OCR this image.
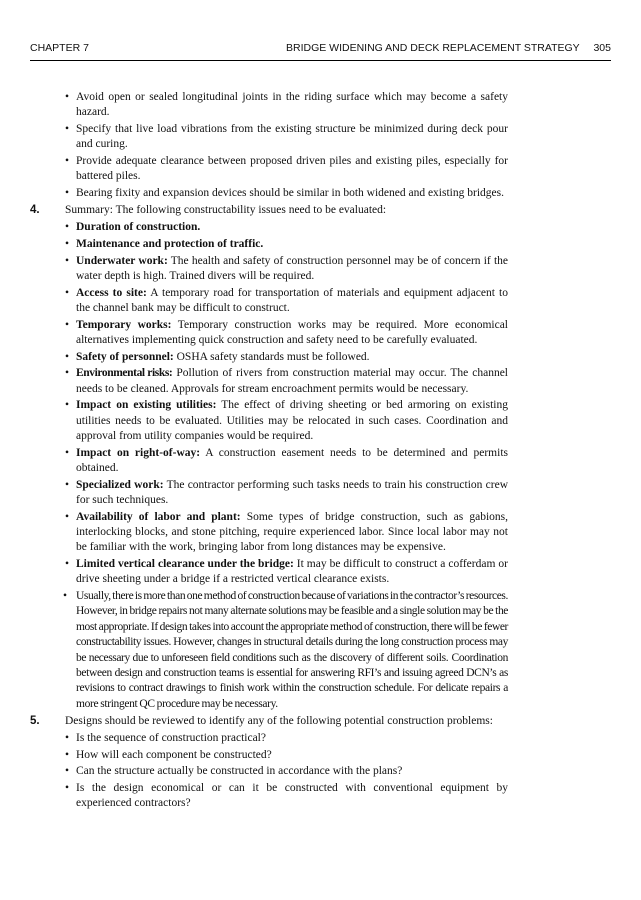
CHAPTER 7	BRIDGE WIDENING AND DECK REPLACEMENT STRATEGY 305

• Avoid open or sealed longitudinal joints in the riding surface which may become a safety hazard.

• Specify that live load vibrations from the existing structure be minimized during deck pour and curing.

• Provide adequate clearance between proposed driven piles and existing piles, especially for battered piles.

• Bearing fixity and expansion devices should be similar in both widened and existing bridges.

4. Summary: The following constructability issues need to be evaluated:

• Duration of construction.

• Maintenance and protection of traffic.

• Underwater work: The health and safety of construction personnel may be of concern if the water depth is high. Trained divers will be required.

• Access to site: A temporary road for transportation of materials and equipment adjacent to the channel bank may be difficult to construct.

• Temporary works: Temporary construction works may be required. More economical alternatives implementing quick construction and safety need to be carefully evaluated.

• Safety of personnel: OSHA safety standards must be followed.

• Environmental risks: Pollution of rivers from construction material may occur. The channel needs to be cleaned. Approvals for stream encroachment permits would be necessary.

• Impact on existing utilities: The effect of driving sheeting or bed armoring on existing utilities needs to be evaluated. Utilities may be relocated in such cases. Coordination and approval from utility companies would be required.

• Impact on right-of-way: A construction easement needs to be determined and permits obtained.

• Specialized work: The contractor performing such tasks needs to train his construction crew for such techniques.

• Availability of labor and plant: Some types of bridge construction, such as gabions, interlocking blocks, and stone pitching, require experienced labor. Since local labor may not be familiar with the work, bringing labor from long distances may be expensive.

• Limited vertical clearance under the bridge: It may be difficult to construct a cofferdam or drive sheeting under a bridge if a restricted vertical clearance exists.

• Usually, there is more than one method of construction because of variations in the contractor’s resources. However, in bridge repairs not many alternate solutions may be feasible and a single solution may be the most appropriate. If design takes into account the appropriate method of construction, there will be fewer constructability issues. However, changes in structural details during the long construction process may be necessary due to unforeseen field conditions such as the discovery of different soils. Coordination between design and construction teams is essential for answering RFI’s and issuing agreed DCN’s as revisions to contract drawings to finish work within the construction schedule. For delicate repairs a more stringent QC procedure may be necessary.

5. Designs should be reviewed to identify any of the following potential construction problems:

• Is the sequence of construction practical?

• How will each component be constructed?

• Can the structure actually be constructed in accordance with the plans?

• Is the design economical or can it be constructed with conventional equipment by experienced contractors?
